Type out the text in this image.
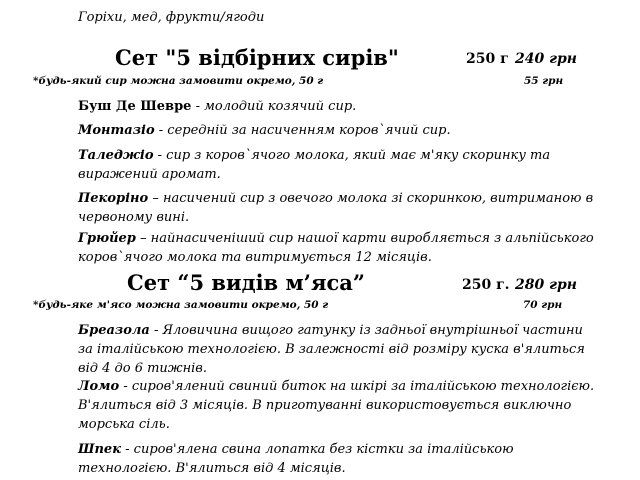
Горіхи, мед, фрукти/ягоди
Сет "5 відбірних сирів"	250 г 240 грн
*будь-який сир можна замовити окремо, 50 г	55 грн
Буш Де Шевре - молодий козячий сир.
Монтазіо - середній за насиченням коров`ячий сир.
Таледжіо - сир з коров`ячого молока, який має м'яку скоринку та виражений аромат.
Пекоріно – насичений сир з овечого молока зі скоринкою, витриманою в червоному вині.
Грюйер – найнасиченіший сир нашої карти виробляється з альпійського коров`ячого молока та витримується 12 місяців.
Сет “5 видів м’яса”	250 г. 280 грн
*будь-яке м'ясо можна замовити окремо, 50 г	70 грн
Бреазола - Яловичина вищого гатунку із задньої внутрішньої частини за італійською технологією. В залежності від розміру куска в'ялиться від 4 до 6 тижнів.
Ломо - сиров'ялений свиний биток на шкірі за італійською технологією. В'ялиться від 3 місяців. В приготуванні використовується виключно морська сіль.
Шпек - сиров'ялена свина лопатка без кістки за італійською технологією. В'ялиться від 4 місяців.
